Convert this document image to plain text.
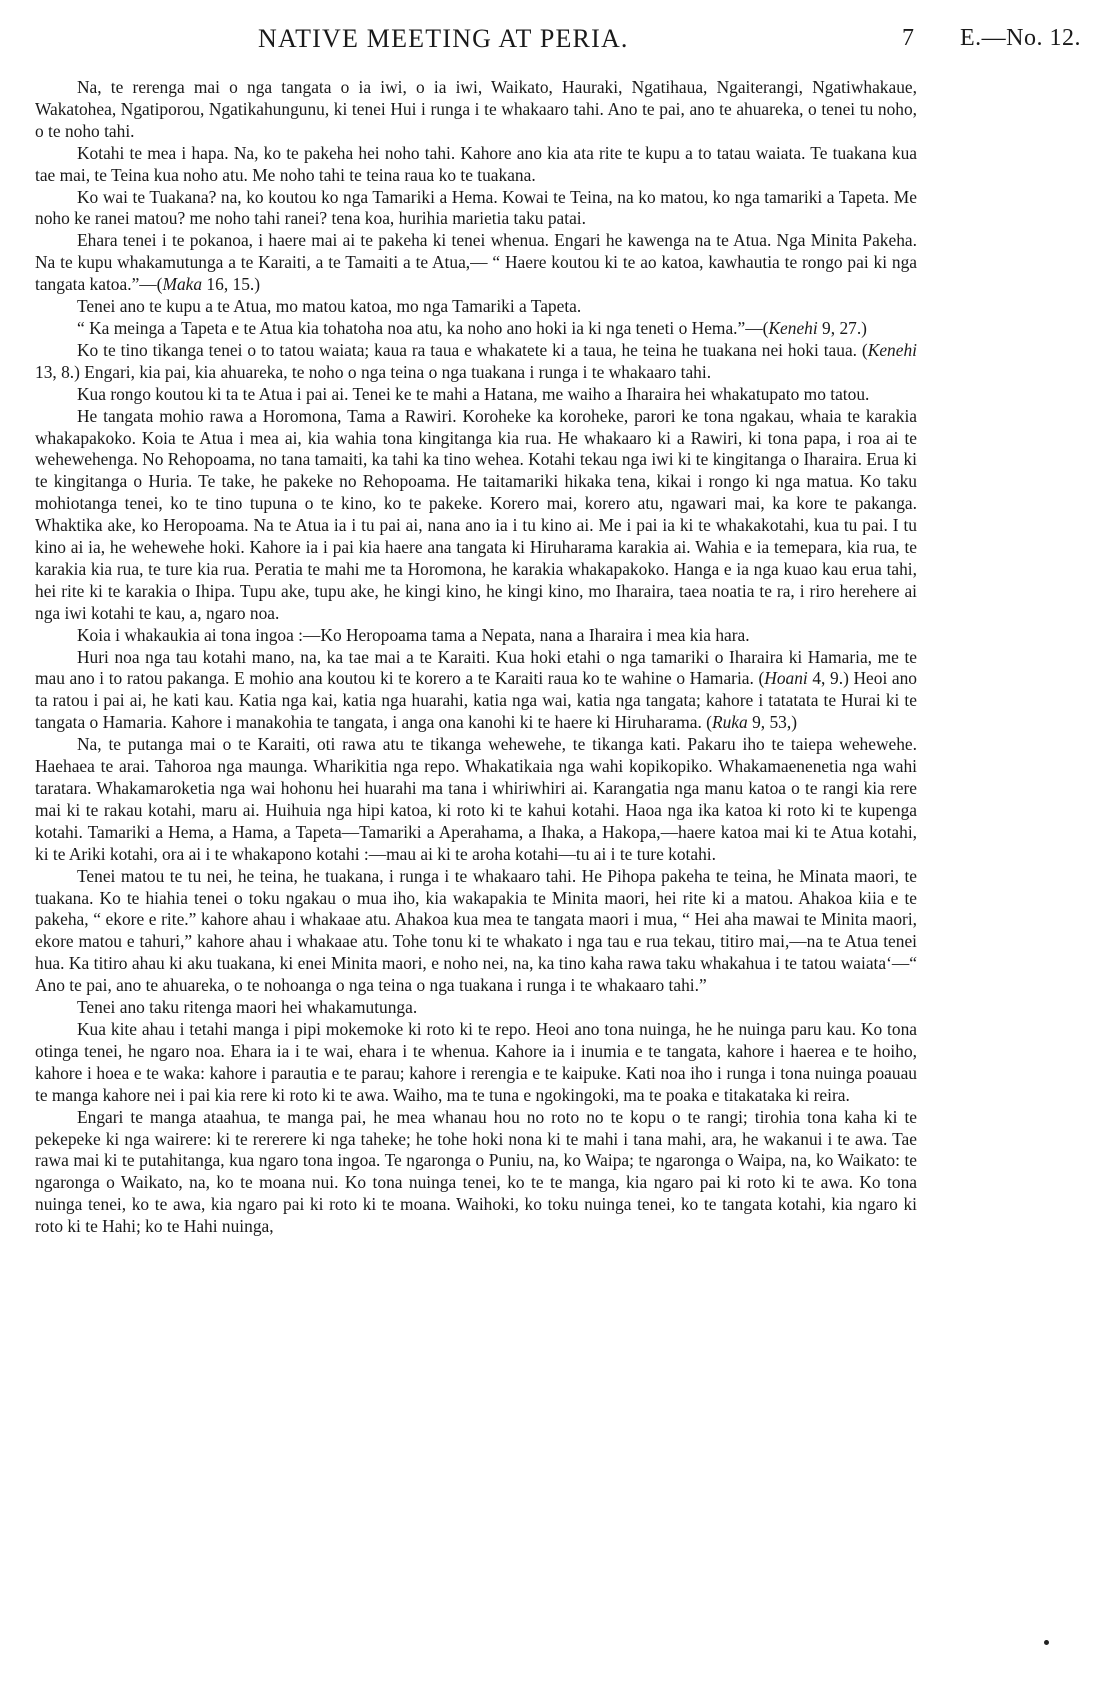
NATIVE MEETING AT PERIA.	7 E.—No. 12.

Na, te rerenga mai o nga tangata o ia iwi, o ia iwi, Waikato, Hauraki, Ngatihaua, Ngaiterangi, Ngatiwhakaue, Wakatohea, Ngatiporou, Ngatikahungunu, ki tenei Hui i runga i te whakaaro tahi. Ano te pai, ano te ahuareka, o tenei tu noho, o te noho tahi.

Kotahi te mea i hapa. Na, ko te pakeha hei noho tahi. Kahore ano kia ata rite te kupu a to tatau waiata. Te tuakana kua tae mai, te Teina kua noho atu. Me noho tahi te teina raua ko te tuakana.

Ko wai te Tuakana? na, ko koutou ko nga Tamariki a Hema. Kowai te Teina, na ko matou, ko nga tamariki a Tapeta. Me noho ke ranei matou? me noho tahi ranei? tena koa, hurihia marietia taku patai.

Ehara tenei i te pokanoa, i haere mai ai te pakeha ki tenei whenua. Engari he kawenga na te Atua. Nga Minita Pakeha. Na te kupu whakamutunga a te Karaiti, a te Tamaiti a te Atua,— “ Haere koutou ki te ao katoa, kawhautia te rongo pai ki nga tangata katoa.”—(Maka 16, 15.)

Tenei ano te kupu a te Atua, mo matou katoa, mo nga Tamariki a Tapeta.

“ Ka meinga a Tapeta e te Atua kia tohatoha noa atu, ka noho ano hoki ia ki nga teneti o Hema.”—(Kenehi 9, 27.)

Ko te tino tikanga tenei o to tatou waiata; kaua ra taua e whakatete ki a taua, he teina he tuakana nei hoki taua. (Kenehi 13, 8.) Engari, kia pai, kia ahuareka, te noho o nga teina o nga tuakana i runga i te whakaaro tahi.

Kua rongo koutou ki ta te Atua i pai ai. Tenei ke te mahi a Hatana, me waiho a Iharaira hei whakatupato mo tatou.

He tangata mohio rawa a Horomona, Tama a Rawiri. Koroheke ka koroheke, parori ke tona ngakau, whaia te karakia whakapakoko. Koia te Atua i mea ai, kia wahia tona kingitanga kia rua. He whakaaro ki a Rawiri, ki tona papa, i roa ai te wehewehenga. No Rehopoama, no tana tamaiti, ka tahi ka tino wehea. Kotahi tekau nga iwi ki te kingitanga o Iharaira. Erua ki te kingitanga o Huria. Te take, he pakeke no Rehopoama. He taitamariki hikaka tena, kikai i rongo ki nga matua. Ko taku mohiotanga tenei, ko te tino tupuna o te kino, ko te pakeke. Korero mai, korero atu, ngawari mai, ka kore te pakanga. Whaktika ake, ko Heropoama. Na te Atua ia i tu pai ai, nana ano ia i tu kino ai. Me i pai ia ki te whakakotahi, kua tu pai. I tu kino ai ia, he wehewehe hoki. Kahore ia i pai kia haere ana tangata ki Hiruharama karakia ai. Wahia e ia temepara, kia rua, te karakia kia rua, te ture kia rua. Peratia te mahi me ta Horomona, he karakia whakapakoko. Hanga e ia nga kuao kau erua tahi, hei rite ki te karakia o Ihipa. Tupu ake, tupu ake, he kingi kino, he kingi kino, mo Iharaira, taea noatia te ra, i riro herehere ai nga iwi kotahi te kau, a, ngaro noa.

Koia i whakaukia ai tona ingoa :—Ko Heropoama tama a Nepata, nana a Iharaira i mea kia hara.

Huri noa nga tau kotahi mano, na, ka tae mai a te Karaiti. Kua hoki etahi o nga tamariki o Iharaira ki Hamaria, me te mau ano i to ratou pakanga. E mohio ana koutou ki te korero a te Karaiti raua ko te wahine o Hamaria. (Hoani 4, 9.) Heoi ano ta ratou i pai ai, he kati kau. Katia nga kai, katia nga huarahi, katia nga wai, katia nga tangata; kahore i tatatata te Hurai ki te tangata o Hamaria. Kahore i manakohia te tangata, i anga ona kanohi ki te haere ki Hiruharama. (Ruka 9, 53,)

Na, te putanga mai o te Karaiti, oti rawa atu te tikanga wehewehe, te tikanga kati. Pakaru iho te taiepa wehewehe. Haehaea te arai. Tahoroa nga maunga. Wharikitia nga repo. Whakatikaia nga wahi kopikopiko. Whakamaenenetia nga wahi taratara. Whakamaroketia nga wai hohonu hei huarahi ma tana i whiriwhiri ai. Karangatia nga manu katoa o te rangi kia rere mai ki te rakau kotahi, maru ai. Huihuia nga hipi katoa, ki roto ki te kahui kotahi. Haoa nga ika katoa ki roto ki te kupenga kotahi. Tamariki a Hema, a Hama, a Tapeta—Tamariki a Aperahama, a Ihaka, a Hakopa,—haere katoa mai ki te Atua kotahi, ki te Ariki kotahi, ora ai i te whakapono kotahi :—mau ai ki te aroha kotahi—tu ai i te ture kotahi.

Tenei matou te tu nei, he teina, he tuakana, i runga i te whakaaro tahi. He Pihopa pakeha te teina, he Minata maori, te tuakana. Ko te hiahia tenei o toku ngakau o mua iho, kia wakapakia te Minita maori, hei rite ki a matou. Ahakoa kiia e te pakeha, “ ekore e rite.” kahore ahau i whakaae atu. Ahakoa kua mea te tangata maori i mua, “ Hei aha mawai te Minita maori, ekore matou e tahuri,” kahore ahau i whakaae atu. Tohe tonu ki te whakato i nga tau e rua tekau, titiro mai,—na te Atua tenei hua. Ka titiro ahau ki aku tuakana, ki enei Minita maori, e noho nei, na, ka tino kaha rawa taku whakahua i te tatou waiata‘—“ Ano te pai, ano te ahuareka, o te nohoanga o nga teina o nga tuakana i runga i te whakaaro tahi.”

Tenei ano taku ritenga maori hei whakamutunga.

Kua kite ahau i tetahi manga i pipi mokemoke ki roto ki te repo. Heoi ano tona nuinga, he he nuinga paru kau. Ko tona otinga tenei, he ngaro noa. Ehara ia i te wai, ehara i te whenua. Kahore ia i inumia e te tangata, kahore i haerea e te hoiho, kahore i hoea e te waka: kahore i parautia e te parau; kahore i rerengia e te kaipuke. Kati noa iho i runga i tona nuinga poauau te manga kahore nei i pai kia rere ki roto ki te awa. Waiho, ma te tuna e ngokingoki, ma te poaka e titakataka ki reira.

Engari te manga ataahua, te manga pai, he mea whanau hou no roto no te kopu o te rangi; tirohia tona kaha ki te pekepeke ki nga wairere: ki te rererere ki nga taheke; he tohe hoki nona ki te mahi i tana mahi, ara, he wakanui i te awa. Tae rawa mai ki te putahitanga, kua ngaro tona ingoa. Te ngaronga o Puniu, na, ko Waipa; te ngaronga o Waipa, na, ko Waikato: te ngaronga o Waikato, na, ko te moana nui. Ko tona nuinga tenei, ko te te manga, kia ngaro pai ki roto ki te awa. Ko tona nuinga tenei, ko te awa, kia ngaro pai ki roto ki te moana. Waihoki, ko toku nuinga tenei, ko te tangata kotahi, kia ngaro ki roto ki te Hahi; ko te Hahi nuinga,
